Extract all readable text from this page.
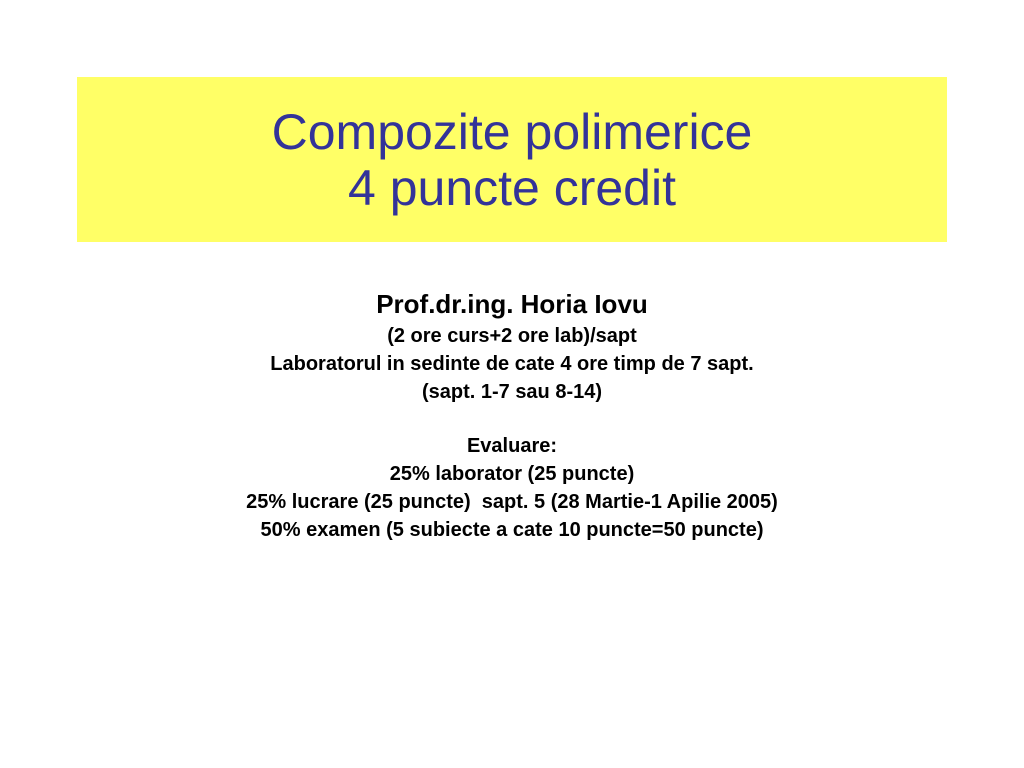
Compozite polimerice
4 puncte credit
Prof.dr.ing. Horia Iovu
(2 ore curs+2 ore lab)/sapt
Laboratorul in sedinte de cate 4 ore timp de 7 sapt.
(sapt. 1-7 sau 8-14)
Evaluare:
25% laborator (25 puncte)
25% lucrare (25 puncte)  sapt. 5 (28 Martie-1 Apilie 2005)
50% examen (5 subiecte a cate 10 puncte=50 puncte)
